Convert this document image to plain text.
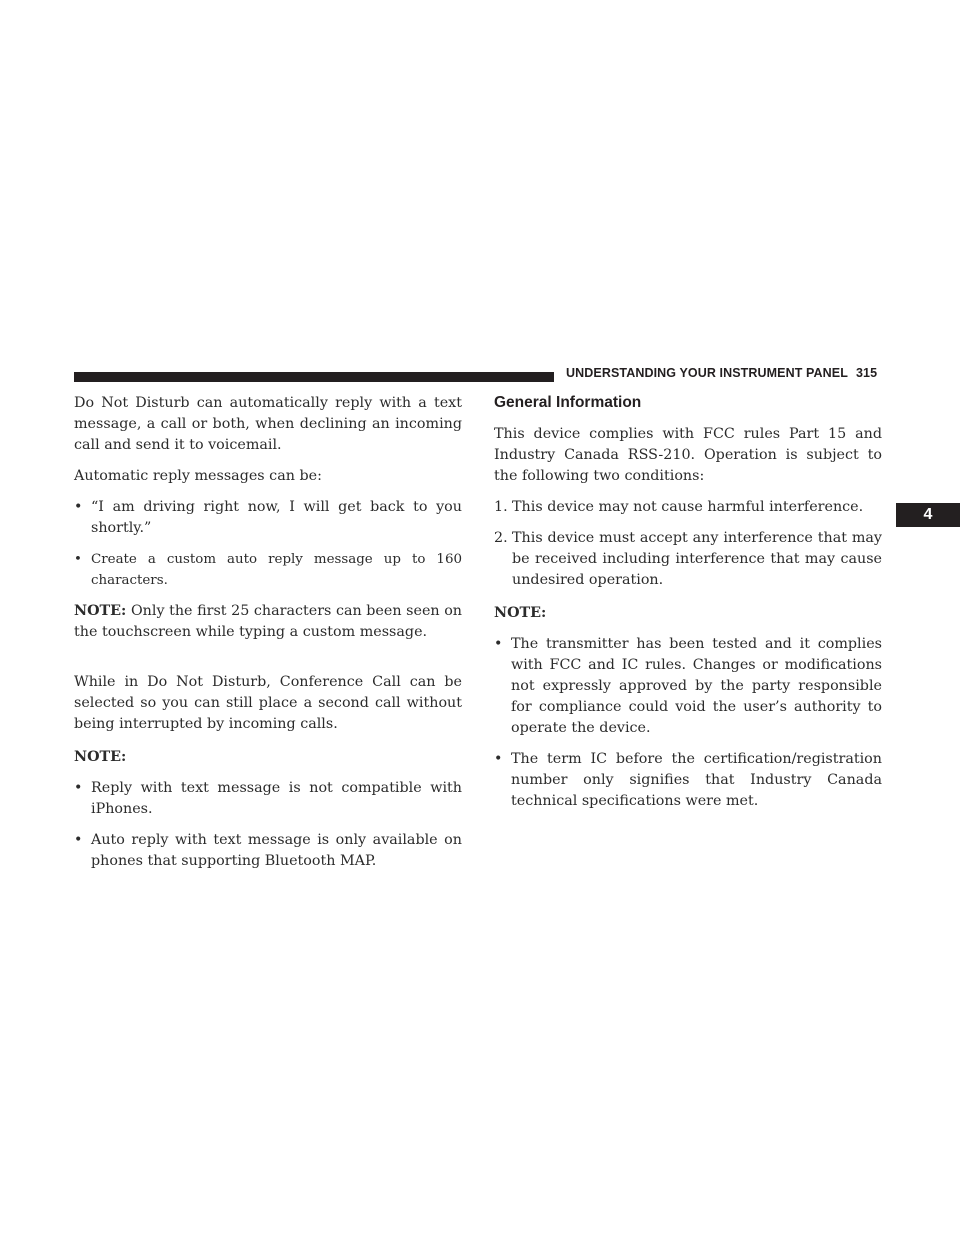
UNDERSTANDING YOUR INSTRUMENT PANEL 315
4

Do Not Disturb can automatically reply with a text message, a call or both, when declining an incoming call and send it to voicemail.

Automatic reply messages can be:

• “I am driving right now, I will get back to you shortly.”
• Create a custom auto reply message up to 160 characters.

NOTE: Only the first 25 characters can been seen on the touchscreen while typing a custom message.

While in Do Not Disturb, Conference Call can be selected so you can still place a second call without being interrupted by incoming calls.

NOTE:

• Reply with text message is not compatible with iPhones.
• Auto reply with text message is only available on phones that supporting Bluetooth MAP.
General Information

This device complies with FCC rules Part 15 and Industry Canada RSS-210. Operation is subject to the following two conditions:

1. This device may not cause harmful interference.
2. This device must accept any interference that may be received including interference that may cause undesired operation.

NOTE:

• The transmitter has been tested and it complies with FCC and IC rules. Changes or modifications not expressly approved by the party responsible for compliance could void the user’s authority to operate the device.
• The term IC before the certification/registration number only signifies that Industry Canada technical specifications were met.
